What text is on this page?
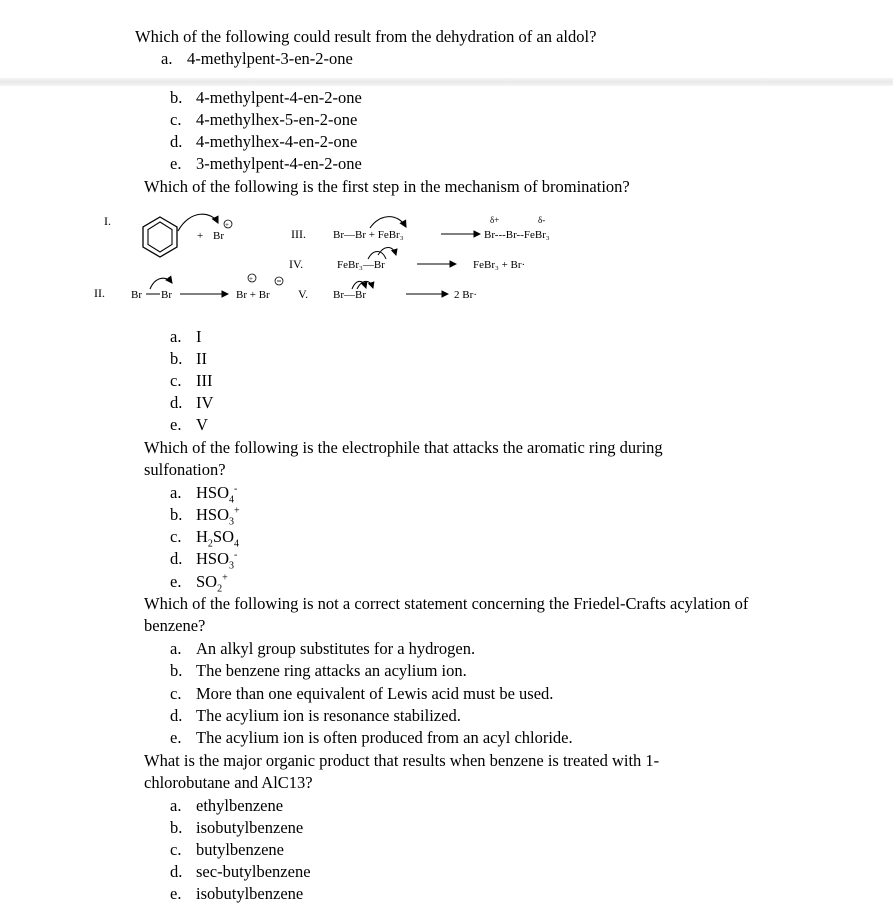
Which of the following could result from the dehydration of an aldol?
a. 4-methylpent-3-en-2-one
b. 4-methylpent-4-en-2-one
c. 4-methylhex-5-en-2-one
d. 4-methylhex-4-en-2-one
e. 3-methylpent-4-en-2-one
Which of the following is the first step in the mechanism of bromination?
I.
II.
III.
IV.
V.
+ Br
+
Br—Br + FeBr₃	Br---Br--FeBr₃
δ+	δ-
FeBr₃—Br	FeBr₃ + Br·
Br Br	Br + Br
+
Br—Br	2 Br·
a. I
b. II
c. III
d. IV
e. V
Which of the following is the electrophile that attacks the aromatic ring during sulfonation?
a. $HSO_4^-$
b. $HSO_3^+$
c. $H_2SO_4$
d. $HSO_3^-$
e. $SO_2^+$
Which of the following is not a correct statement concerning the Friedel-Crafts acylation of benzene?
a. An alkyl group substitutes for a hydrogen.
b. The benzene ring attacks an acylium ion.
c. More than one equivalent of Lewis acid must be used.
d. The acylium ion is resonance stabilized.
e. The acylium ion is often produced from an acyl chloride.
What is the major organic product that results when benzene is treated with 1-chlorobutane and AlC13?
a. ethylbenzene
b. isobutylbenzene
c. butylbenzene
d. sec-butylbenzene
e. isobutylbenzene
